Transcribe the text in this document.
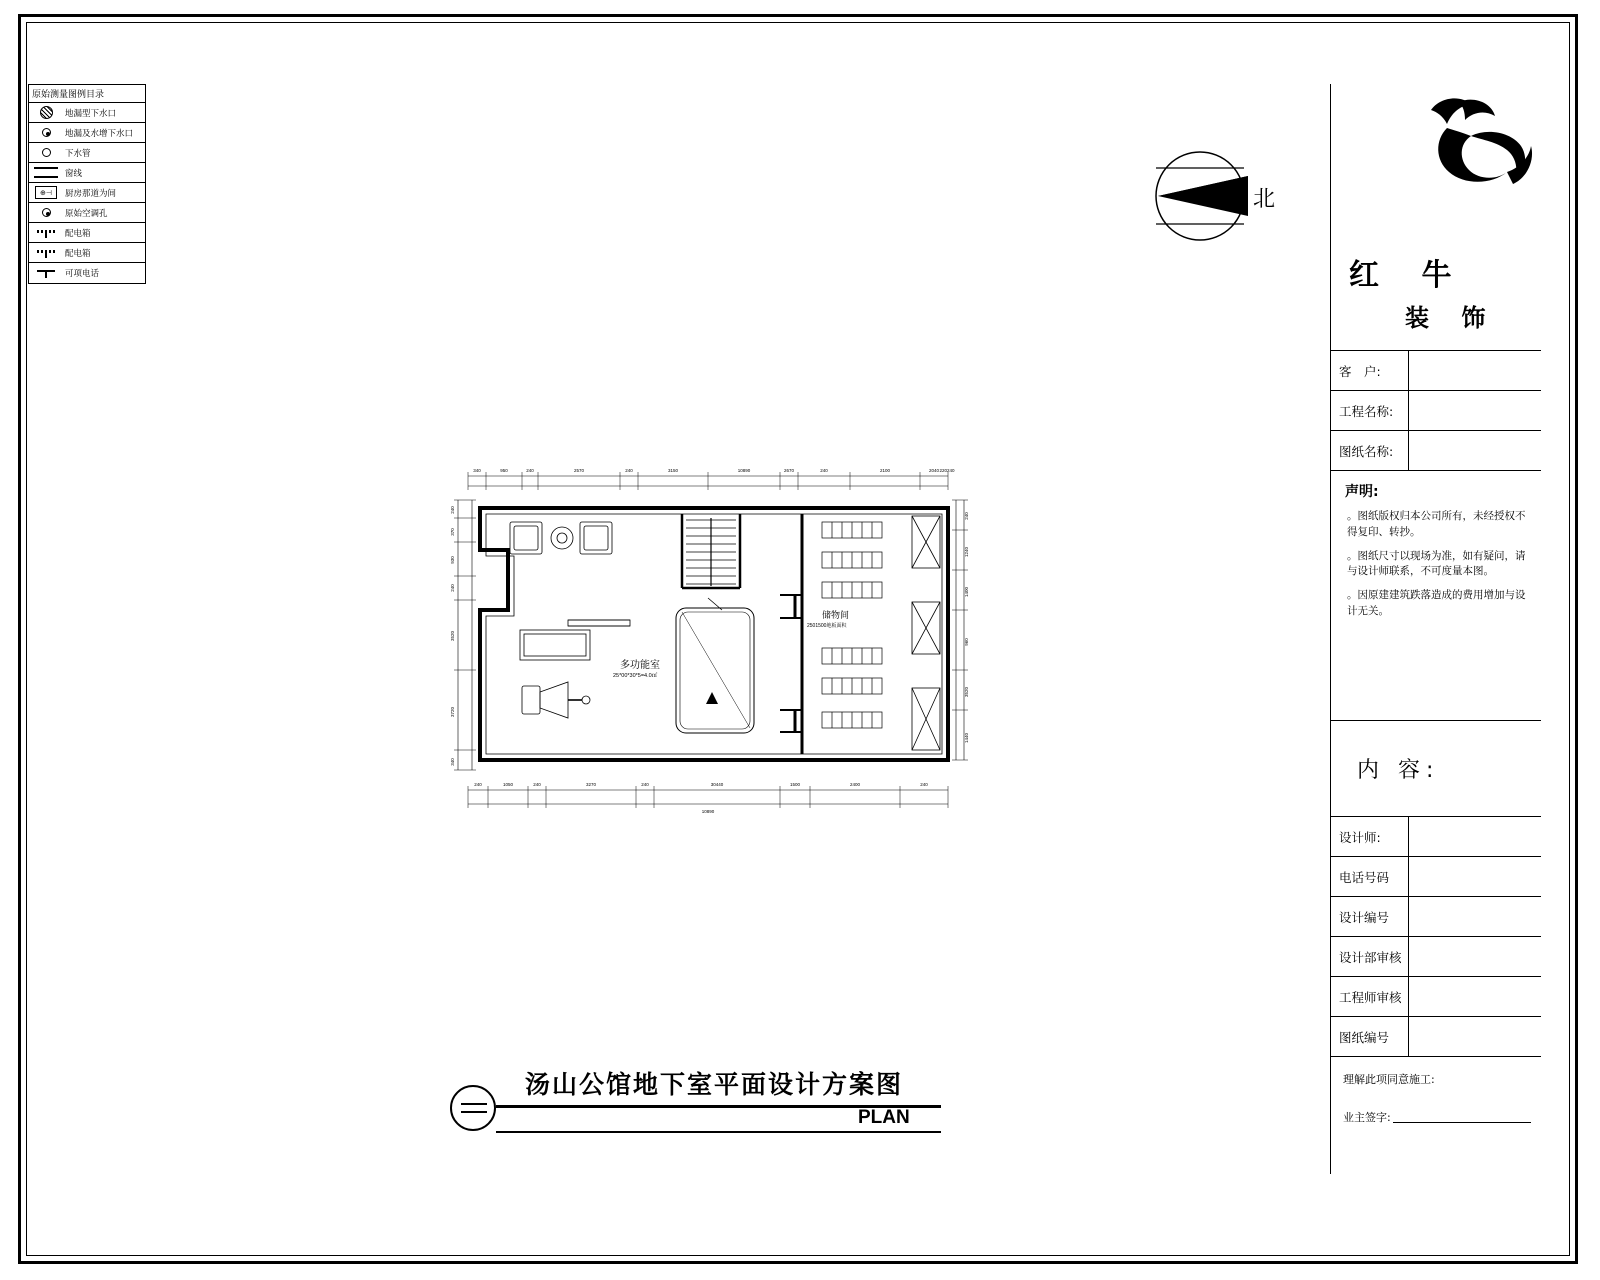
原始测量图例目录
地漏型下水口
地漏及水增下水口
下水管
窗线
⊕⊣	厨房那道为间
原始空调孔
配电箱
配电箱
可项电话
北
340	950	240	2570	240	3150	10890	2670	240	2100	2040 220240
240	1050	240	3270	240	30440	1500	2400	240
10890
240
370
930
240
3520
3720
340
240
1240
1400
960
3520
1440
多功能室
25*00*30*5=4.0㎡
储物间
2501500地板面积
汤山公馆地下室平面设计方案图
PLAN
红 牛
装 饰
客　户:
工程名称:
图纸名称:
声明:

。图纸版权归本公司所有，未经授权不得复印、转抄。

。图纸尺寸以现场为准，如有疑问，请与设计师联系，不可度量本图。

。因原建建筑跌落造成的费用增加与设计无关。

内 容:
设计师:
电话号码
设计编号
设计部审核
工程师审核
图纸编号
理解此项同意施工:
业主签字:
